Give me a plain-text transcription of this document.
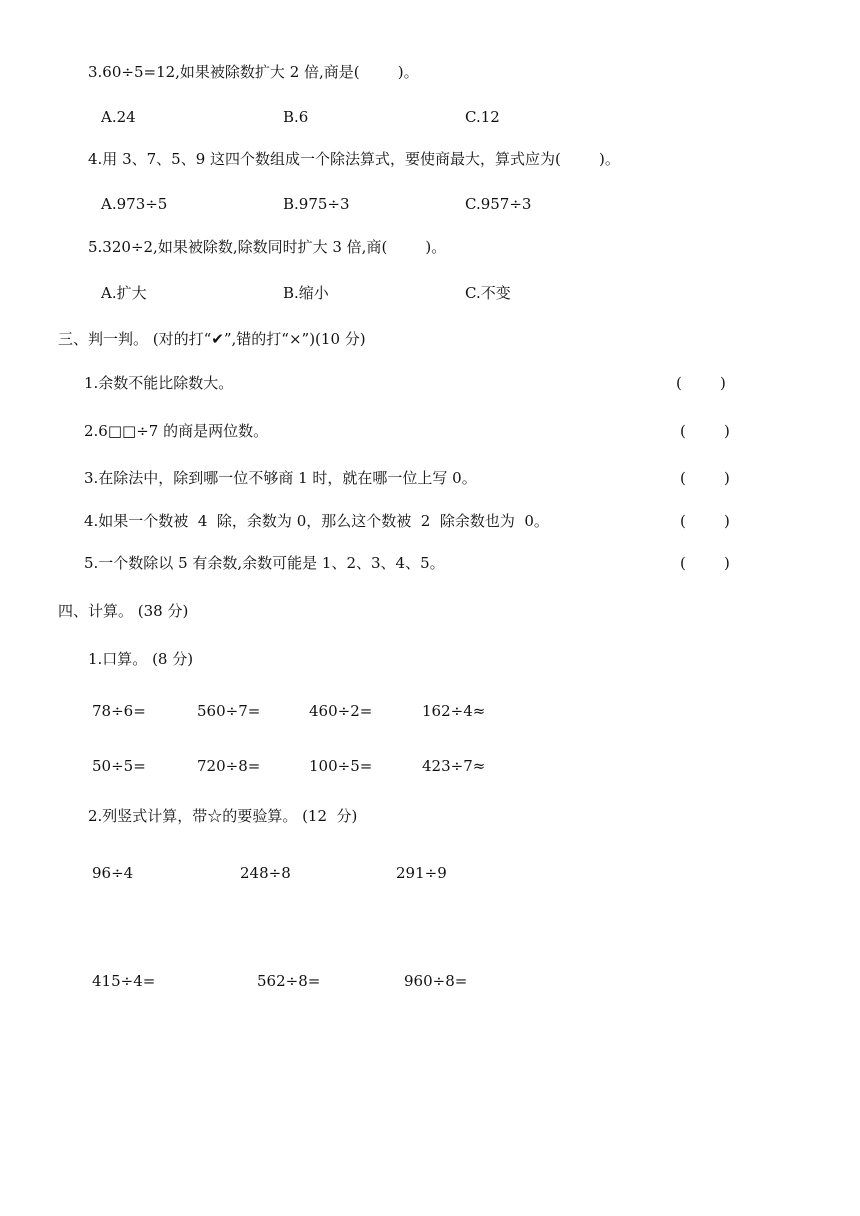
3.60÷5=12,如果被除数扩大 2 倍,商是(        )。
A.24	B.6	C.12
4.用 3、7、5、9 这四个数组成一个除法算式，要使商最大，算式应为(        )。
A.973÷5	B.975÷3	C.957÷3
5.320÷2,如果被除数,除数同时扩大 3 倍,商(        )。
A.扩大	B.缩小	C.不变
三、判一判。 (对的打“✔”,错的打“×”)(10 分)
1.余数不能比除数大。	(        )
2.6□□÷7 的商是两位数。	(        )
3.在除法中，除到哪一位不够商 1 时，就在哪一位上写 0。	(        )
4.如果一个数被  4  除，余数为 0，那么这个数被  2  除余数也为  0。	(        )
5.一个数除以 5 有余数,余数可能是 1、2、3、4、5。	(        )
四、计算。 (38 分)
1.口算。 (8 分)
78÷6=	560÷7=	460÷2=	162÷4≈
50÷5=	720÷8=	100÷5=	423÷7≈
2.列竖式计算，带☆的要验算。 (12  分)
96÷4	248÷8	291÷9
415÷4=	562÷8=	960÷8=
